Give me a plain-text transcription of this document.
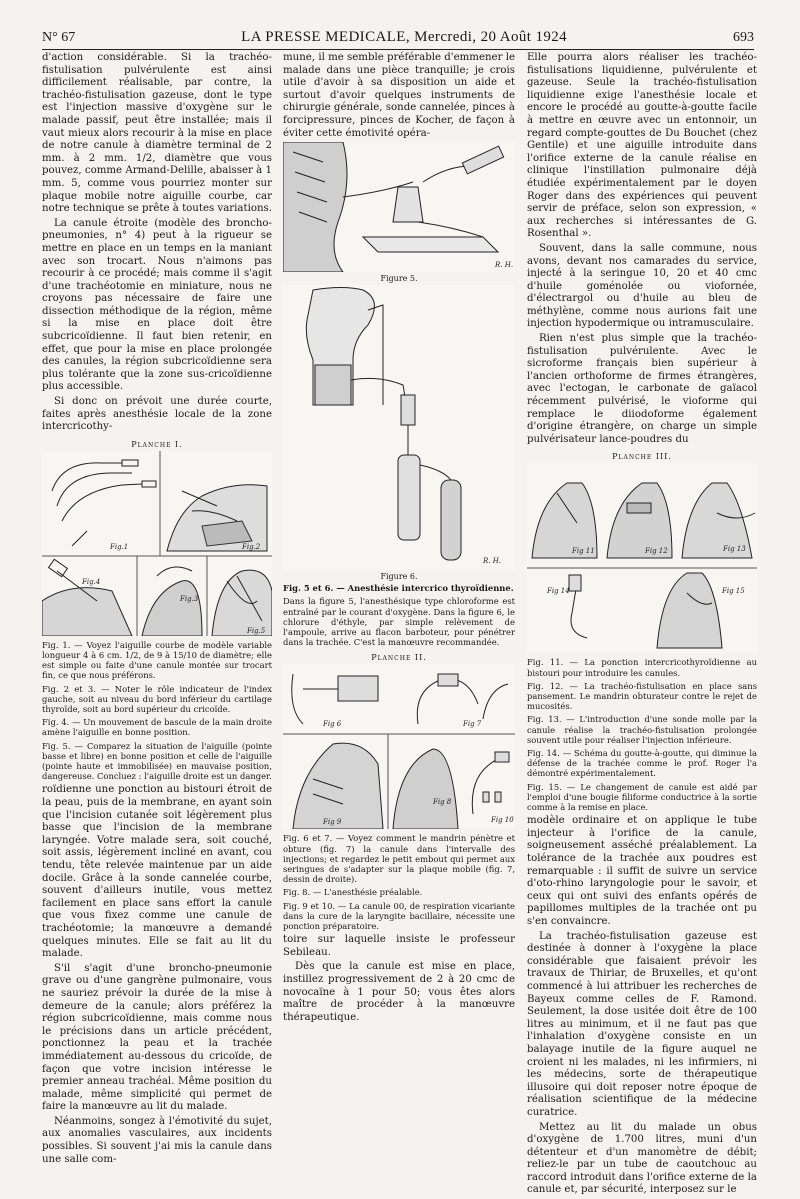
N° 67	LA PRESSE MEDICALE, Mercredi, 20 Août 1924	693

d'action considérable. Si la trachéo-fistulisation pulvérulente est ainsi difficilement réalisable, par contre, la trachéo-fistulisation gazeuse, dont le type est l'injection massive d'oxygène sur le malade passif, peut être installée; mais il vaut mieux alors recourir à la mise en place de notre canule à diamètre terminal de 2 mm. à 2 mm. 1/2, diamètre que vous pouvez, comme Armand-Delille, abaisser à 1 mm. 5, comme vous pourriez monter sur plaque mobile notre aiguille courbe, car notre technique se prête à toutes variations.

La canule étroite (modèle des broncho-pneumonies, n° 4) peut à la rigueur se mettre en place en un temps en la maniant avec son trocart. Nous n'aimons pas recourir à ce procédé; mais comme il s'agit d'une trachéotomie en miniature, nous ne croyons pas nécessaire de faire une dissection méthodique de la région, même si la mise en place doit être subcricoïdienne. Il faut bien retenir, en effet, que pour la mise en place prolongée des canules, la région subcricoïdienne sera plus tolérante que la zone sus-cricoïdienne plus accessible.

Si donc on prévoit une durée courte, faites après anesthésie locale de la zone intercricothy-

Planche I.
Fig.1	Fig.2
Fig.4
Fig.3
Fig.5

Fig. 1. — Voyez l'aiguille courbe de modèle variable longueur 4 à 6 cm. 1/2, de 9 à 15/10 de diamètre; elle est simple ou faite d'une canule montée sur trocart fin, ce que nous préférons.

Fig. 2 et 3. — Noter le rôle indicateur de l'index gauche, soit au niveau du bord inférieur du cartilage thyroïde, soit au bord supérieur du cricoïde.

Fig. 4. — Un mouvement de bascule de la main droite amène l'aiguille en bonne position.

Fig. 5. — Comparez la situation de l'aiguille (pointe basse et libre) en bonne position et celle de l'aiguille (pointe haute et immobilisée) en mauvaise position, dangereuse. Concluez : l'aiguille droite est un danger.

roïdienne une ponction au bistouri étroit de la peau, puis de la membrane, en ayant soin que l'incision cutanée soit légèrement plus basse que l'incision de la membrane laryngée. Votre malade sera, soit couché, soit assis, légèrement incliné en avant, cou tendu, tête relevée maintenue par un aide docile. Grâce à la sonde cannelée courbe, souvent d'ailleurs inutile, vous mettez facilement en place sans effort la canule que vous fixez comme une canule de trachéotomie; la manœuvre a demandé quelques minutes. Elle se fait au lit du malade.

S'il s'agit d'une broncho-pneumonie grave ou d'une gangrène pulmonaire, vous ne sauriez prévoir la durée de la mise à demeure de la canule; alors préférez la région subcricoïdienne, mais comme nous le précisions dans un article précédent, ponctionnez la peau et la trachée immédiatement au-dessous du cricoïde, de façon que votre incision intéresse le premier anneau trachéal. Même position du malade, même simplicité qui permet de faire la manœuvre au lit du malade.

Néanmoins, songez à l'émotivité du sujet, aux anomalies vasculaires, aux incidents possibles. Si souvent j'ai mis la canule dans une salle com-

mune, il me semble préférable d'emmener le malade dans une pièce tranquille; je crois utile d'avoir à sa disposition un aide et surtout d'avoir quelques instruments de chirurgie générale, sonde cannelée, pinces à forcipressure, pinces de Kocher, de façon à éviter cette émotivité opéra-

R. H.
Figure 5.
R. H.
Figure 6.

Fig. 5 et 6. — Anesthésie intercrico thyroïdienne.

Dans la figure 5, l'anesthésique type chloroforme est entraîné par le courant d'oxygène. Dans la figure 6, le chlorure d'éthyle, par simple relèvement de l'ampoule, arrive au flacon barboteur, pour pénétrer dans la trachée. C'est la manœuvre recommandée.

Planche II.
Fig 6	Fig 7
Fig 9
Fig 8
Fig 10

Fig. 6 et 7. — Voyez comment le mandrin pénètre et obture (fig. 7) la canule dans l'intervalle des injections; et regardez le petit embout qui permet aux seringues de s'adapter sur la plaque mobile (fig. 7, dessin de droite).

Fig. 8. — L'anesthésie préalable.

Fig. 9 et 10. — La canule 00, de respiration vicariante dans la cure de la laryngite bacillaire, nécessite une ponction préparatoire.

toire sur laquelle insiste le professeur Sebileau.

Dès que la canule est mise en place, instillez progressivement de 2 à 20 cmc de novocaïne à 1 pour 50; vous êtes alors maître de procéder à la manœuvre thérapeutique.

Elle pourra alors réaliser les trachéo-fistulisations liquidienne, pulvérulente et gazeuse. Seule la trachéo-fistulisation liquidienne exige l'anesthésie locale et encore le procédé au goutte-à-goutte facile à mettre en œuvre avec un entonnoir, un regard compte-gouttes de Du Bouchet (chez Gentile) et une aiguille introduite dans l'orifice externe de la canule réalise en clinique l'instillation pulmonaire déjà étudiée expérimentalement par le doyen Roger dans des expériences qui peuvent servir de préface, selon son expression, « aux recherches si intéressantes de G. Rosenthal ».

Souvent, dans la salle commune, nous avons, devant nos camarades du service, injecté à la seringue 10, 20 et 40 cmc d'huile goménolée ou viofornée, d'électrargol ou d'huile au bleu de méthylène, comme nous aurions fait une injection hypodermique ou intramusculaire.

Rien n'est plus simple que la trachéo-fistulisation pulvérulente. Avec le sicroforme français bien supérieur à l'ancien orthoforme de firmes étrangères, avec l'ectogan, le carbonate de gaïacol récemment pulvérisé, le vioforme qui remplace le diiodoforme également d'origine étrangère, on charge un simple pulvérisateur lance-poudres du

Planche III.
Fig 11	Fig 12	Fig 13
Fig 14	Fig 15

Fig. 11. — La ponction intercricothyroïdienne au bistouri pour introduire les canules.

Fig. 12. — La trachéo-fistulisation en place sans pansement. Le mandrin obturateur contre le rejet de mucosités.

Fig. 13. — L'introduction d'une sonde molle par la canule réalise la trachéo-fistulisation prolongée souvent utile pour réaliser l'injection inférieure.

Fig. 14. — Schéma du goutte-à-goutte, qui diminue la défense de la trachée comme le prof. Roger l'a démontré expérimentalement.

Fig. 15. — Le changement de canule est aidé par l'emploi d'une bougie filiforme conductrice à la sortie comme à la remise en place.

modèle ordinaire et on applique le tube injecteur à l'orifice de la canule, soigneusement asséché préalablement. La tolérance de la trachée aux poudres est remarquable : il suffit de suivre un service d'oto-rhino laryngologie pour le savoir, et ceux qui ont suivi des enfants opérés de papillomes multiples de la trachée ont pu s'en convaincre.

La trachéo-fistulisation gazeuse est destinée à donner à l'oxygène la place considérable que faisaient prévoir les travaux de Thiriar, de Bruxelles, et qu'ont commencé à lui attribuer les recherches de Bayeux comme celles de F. Ramond. Seulement, la dose usitée doit être de 100 litres au minimum, et il ne faut pas que l'inhalation d'oxygène consiste en un balayage inutile de la figure auquel ne croient ni les malades, ni les infirmiers, ni les médecins, sorte de thérapeutique illusoire qui doit reposer notre époque de réalisation scientifique de la médecine curatrice.

Mettez au lit du malade un obus d'oxygène de 1.700 litres, muni d'un détenteur et d'un manomètre de débit; reliez-le par un tube de caoutchouc au raccord introduit dans l'orifice externe de la canule et, par sécurité, interposez sur le
